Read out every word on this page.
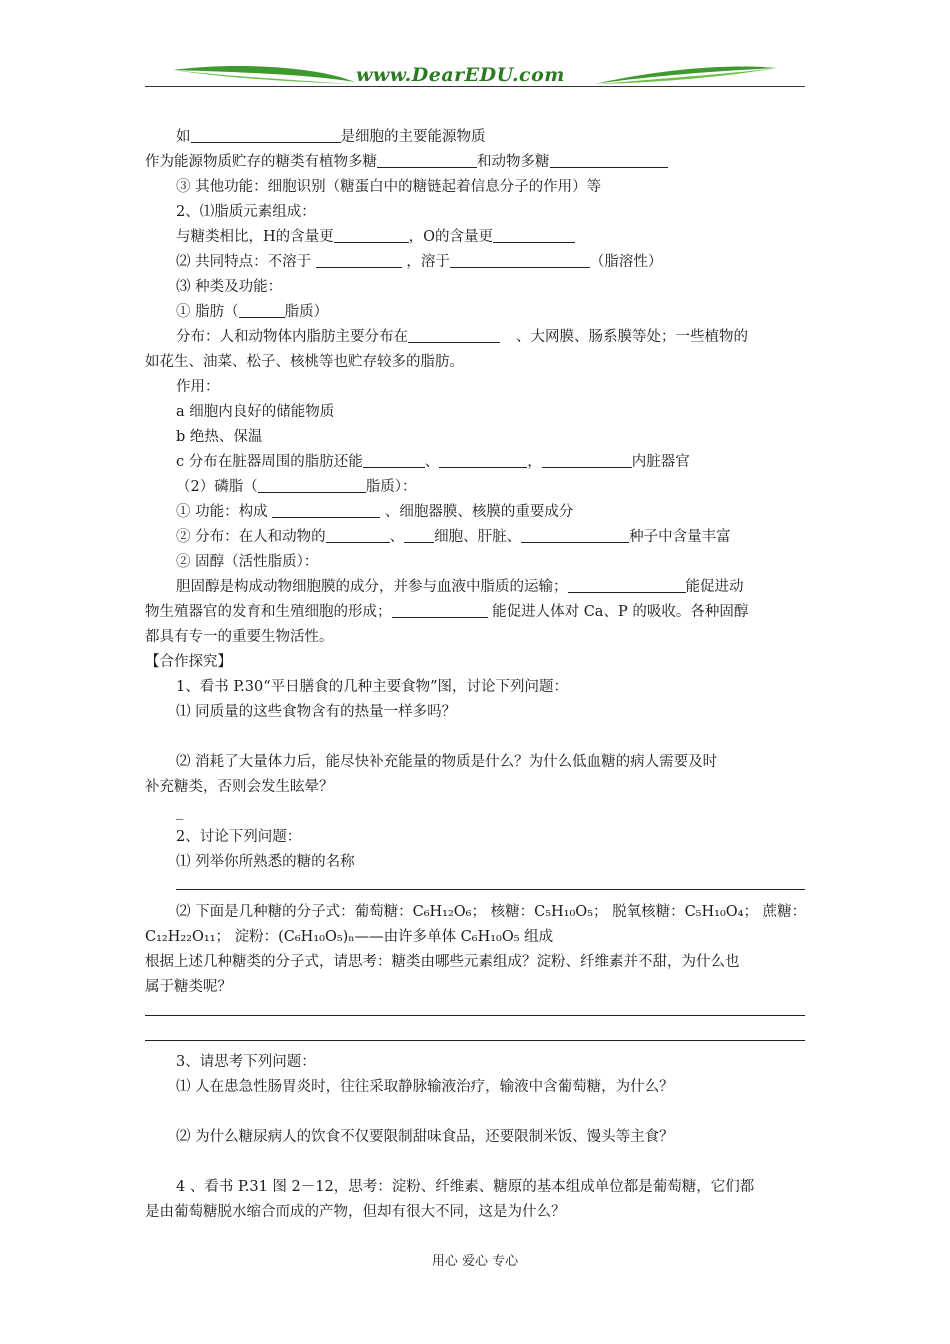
www.DearEDU.com
如	是细胞的主要能源物质
作为能源物质贮存的糖类有植物多糖	和动物多糖
③ 其他功能：细胞识别（糖蛋白中的糖链起着信息分子的作用）等
2、⑴脂质元素组成：
与糖类相比，H的含量更	，O的含量更
⑵ 共同特点：不溶于	，溶于	（脂溶性）
⑶ 种类及功能：
① 脂肪（	脂质）
分布：人和动物体内脂肪主要分布在	、大网膜、肠系膜等处；一些植物的
如花生、油菜、松子、核桃等也贮存较多的脂肪。
作用：
a 细胞内良好的储能物质
b 绝热、保温
c 分布在脏器周围的脂肪还能	、	，	内脏器官
（2）磷脂（	脂质）：
① 功能：构成	、细胞器膜、核膜的重要成分
② 分布：在人和动物的	、 细胞、肝脏、	种子中含量丰富
② 固醇（活性脂质）：
胆固醇是构成动物细胞膜的成分，并参与血液中脂质的运输；	能促进动
物生殖器官的发育和生殖细胞的形成；	能促进人体对 Ca、P 的吸收。各种固醇
都具有专一的重要生物活性。
【合作探究】
1、看书 P.30“平日膳食的几种主要食物”图，讨论下列问题：
⑴ 同质量的这些食物含有的热量一样多吗？
⑵ 消耗了大量体力后，能尽快补充能量的物质是什么？为什么低血糖的病人需要及时
补充糖类，否则会发生眩晕？
_
2、讨论下列问题：
⑴ 列举你所熟悉的糖的名称
⑵ 下面是几种糖的分子式：葡萄糖：C₆H₁₂O₆； 核糖：C₅H₁₀O₅； 脱氧核糖：C₅H₁₀O₄； 蔗糖：
C₁₂H₂₂O₁₁； 淀粉：(C₆H₁₀O₅)ₙ——由许多单体 C₆H₁₀O₅ 组成
根据上述几种糖类的分子式，请思考：糖类由哪些元素组成？淀粉、纤维素并不甜，为什么也
属于糖类呢？
3、请思考下列问题：
⑴ 人在患急性肠胃炎时，往往采取静脉输液治疗，输液中含葡萄糖，为什么？
⑵ 为什么糖尿病人的饮食不仅要限制甜味食品，还要限制米饭、馒头等主食？
4 、看书 P.31 图 2－12，思考：淀粉、纤维素、糖原的基本组成单位都是葡萄糖，它们都
是由葡萄糖脱水缩合而成的产物，但却有很大不同，这是为什么？
用心 爱心 专心
